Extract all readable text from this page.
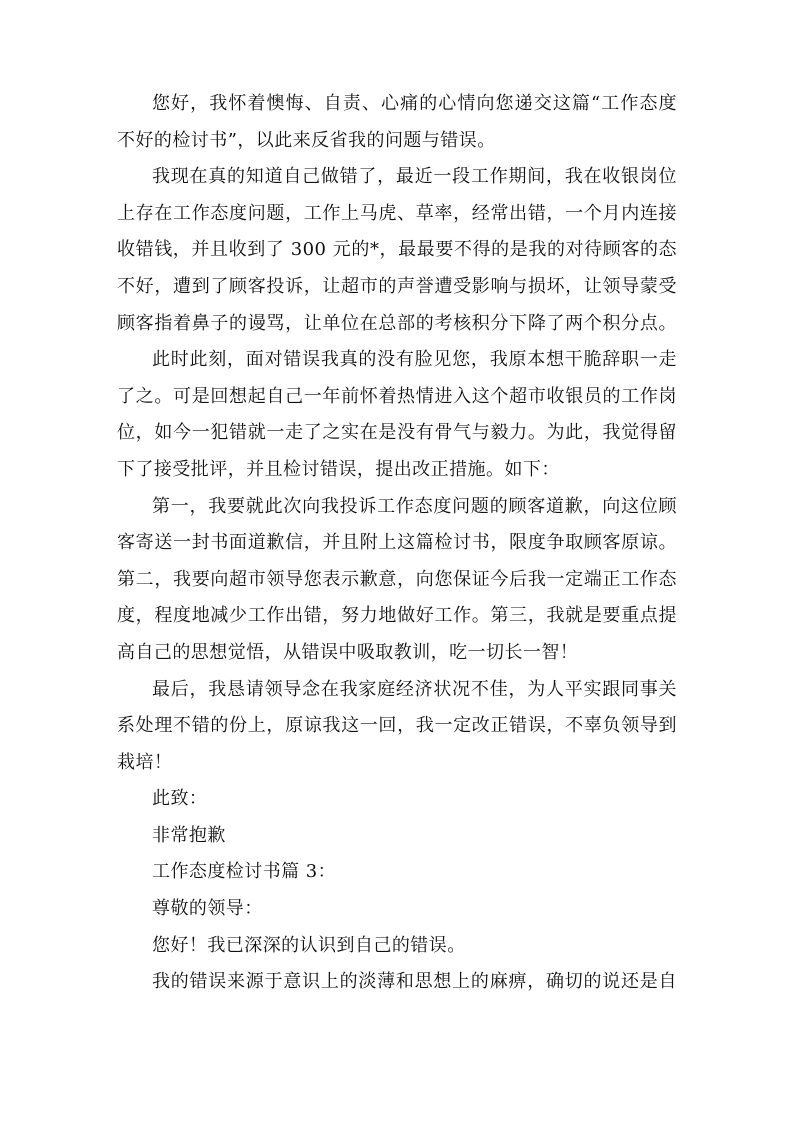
您好，我怀着懊悔、自责、心痛的心情向您递交这篇“工作态度
不好的检讨书”，以此来反省我的问题与错误。
我现在真的知道自己做错了，最近一段工作期间，我在收银岗位
上存在工作态度问题，工作上马虎、草率，经常出错，一个月内连接
收错钱，并且收到了 300 元的*，最最要不得的是我的对待顾客的态
不好，遭到了顾客投诉，让超市的声誉遭受影响与损坏，让领导蒙受
顾客指着鼻子的谩骂，让单位在总部的考核积分下降了两个积分点。
此时此刻，面对错误我真的没有脸见您，我原本想干脆辞职一走
了之。可是回想起自己一年前怀着热情进入这个超市收银员的工作岗
位，如今一犯错就一走了之实在是没有骨气与毅力。为此，我觉得留
下了接受批评，并且检讨错误，提出改正措施。如下：
第一，我要就此次向我投诉工作态度问题的顾客道歉，向这位顾
客寄送一封书面道歉信，并且附上这篇检讨书，限度争取顾客原谅。
第二，我要向超市领导您表示歉意，向您保证今后我一定端正工作态
度，程度地减少工作出错，努力地做好工作。第三，我就是要重点提
高自己的思想觉悟，从错误中吸取教训，吃一切长一智！
最后，我恳请领导念在我家庭经济状况不佳，为人平实跟同事关
系处理不错的份上，原谅我这一回，我一定改正错误，不辜负领导到
栽培！
此致：
非常抱歉
工作态度检讨书篇 3：
尊敬的领导：
您好！我已深深的认识到自己的错误。
我的错误来源于意识上的淡薄和思想上的麻痹，确切的说还是自
